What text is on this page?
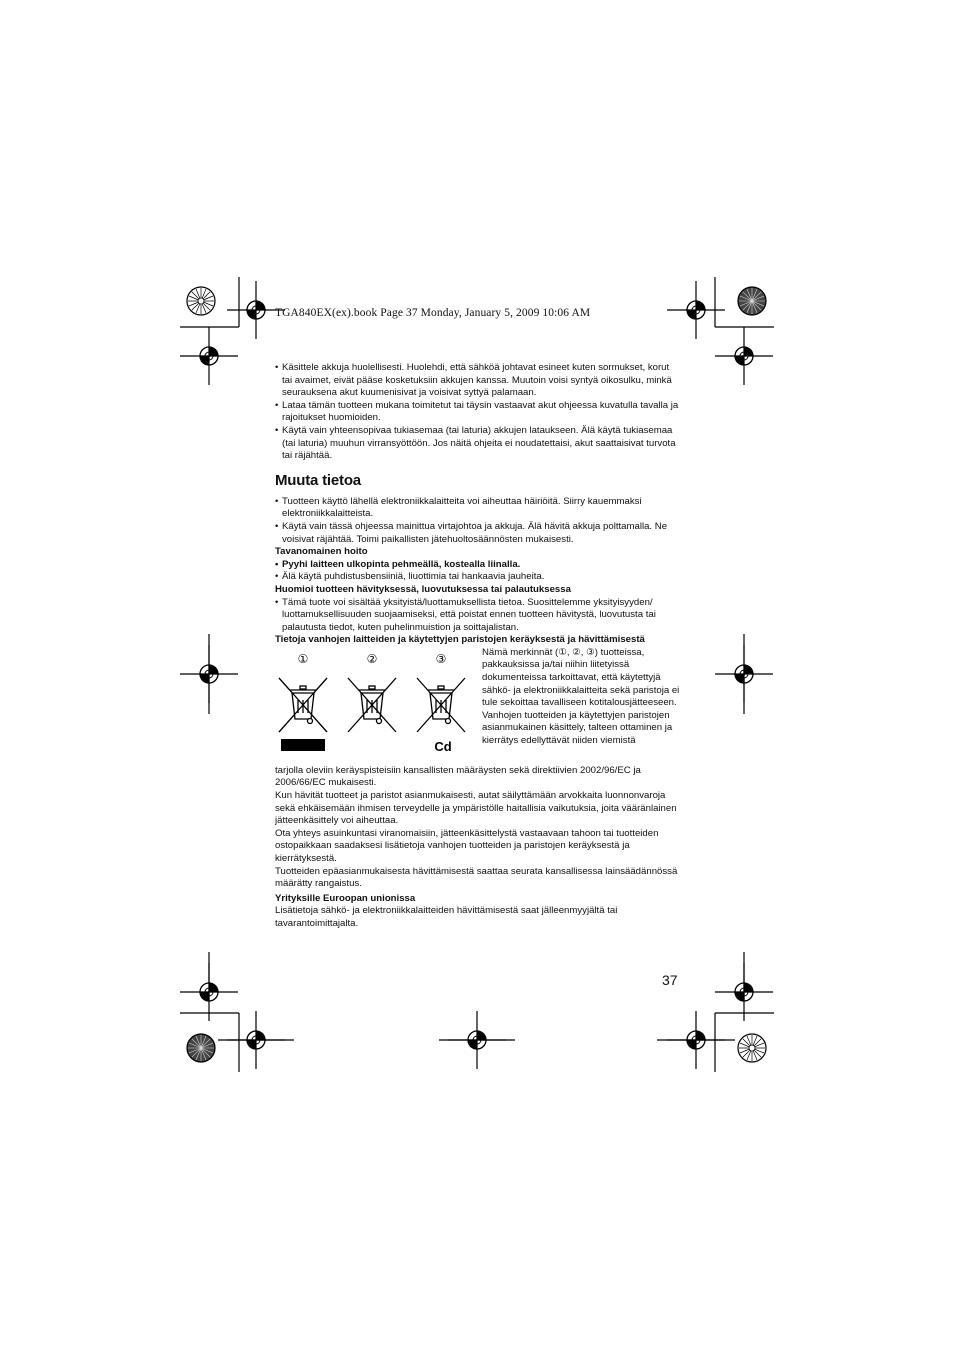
TGA840EX(ex).book Page 37 Monday, January 5, 2009 10:06 AM

• Käsittele akkuja huolellisesti. Huolehdi, että sähköä johtavat esineet kuten sormukset, korut tai avaimet, eivät pääse kosketuksiin akkujen kanssa. Muutoin voisi syntyä oikosulku, minkä seurauksena akut kuumenisivat ja voisivat syttyä palamaan.

• Lataa tämän tuotteen mukana toimitetut tai täysin vastaavat akut ohjeessa kuvatulla tavalla ja rajoitukset huomioiden.

• Käytä vain yhteensopivaa tukiasemaa (tai laturia) akkujen lataukseen. Älä käytä tukiasemaa (tai laturia) muuhun virransyöttöön. Jos näitä ohjeita ei noudatettaisi, akut saattaisivat turvota tai räjähtää.

Muuta tietoa

• Tuotteen käyttö lähellä elektroniikkalaitteita voi aiheuttaa häiriöitä. Siirry kauemmaksi elektroniikkalaitteista.

• Käytä vain tässä ohjeessa mainittua virtajohtoa ja akkuja. Älä hävitä akkuja polttamalla. Ne voisivat räjähtää. Toimi paikallisten jätehuoltosäännösten mukaisesti.

Tavanomainen hoito

• Pyyhi laitteen ulkopinta pehmeällä, kostealla liinalla.

• Älä käytä puhdistusbensiiniä, liuottimia tai hankaavia jauheita.

Huomioi tuotteen hävityksessä, luovutuksessa tai palautuksessa

• Tämä tuote voi sisältää yksityistä/luottamuksellista tietoa. Suosittelemme yksityisyyden/ luottamuksellisuuden suojaamiseksi, että poistat ennen tuotteen hävitystä, luovutusta tai palautusta tiedot, kuten puhelinmuistion ja soittajalistan.

Tietoja vanhojen laitteiden ja käytettyjen paristojen keräyksestä ja hävittämisestä

①	②	③
Cd

Nämä merkinnät (①, ②, ③) tuotteissa, pakkauksissa ja/tai niihin liitetyissä dokumenteissa tarkoittavat, että käytettyjä sähkö- ja elektroniikkalaitteita sekä paristoja ei tule sekoittaa tavalliseen kotitalousjätteeseen.

Vanhojen tuotteiden ja käytettyjen paristojen asianmukainen käsittely, talteen ottaminen ja kierrätys edellyttävät niiden viemistä

tarjolla oleviin keräyspisteisiin kansallisten määräysten sekä direktiivien 2002/96/EC ja 2006/66/EC mukaisesti.

Kun hävität tuotteet ja paristot asianmukaisesti, autat säilyttämään arvokkaita luonnonvaroja sekä ehkäisemään ihmisen terveydelle ja ympäristölle haitallisia vaikutuksia, joita vääränlainen jätteenkäsittely voi aiheuttaa.

Ota yhteys asuinkuntasi viranomaisiin, jätteenkäsittelystä vastaavaan tahoon tai tuotteiden ostopaikkaan saadaksesi lisätietoja vanhojen tuotteiden ja paristojen keräyksestä ja kierrätyksestä.

Tuotteiden epäasianmukaisesta hävittämisestä saattaa seurata kansallisessa lainsäädännössä määrätty rangaistus.

Yrityksille Euroopan unionissa

Lisätietoja sähkö- ja elektroniikkalaitteiden hävittämisestä saat jälleenmyyjältä tai tavarantoimittajalta.

37
